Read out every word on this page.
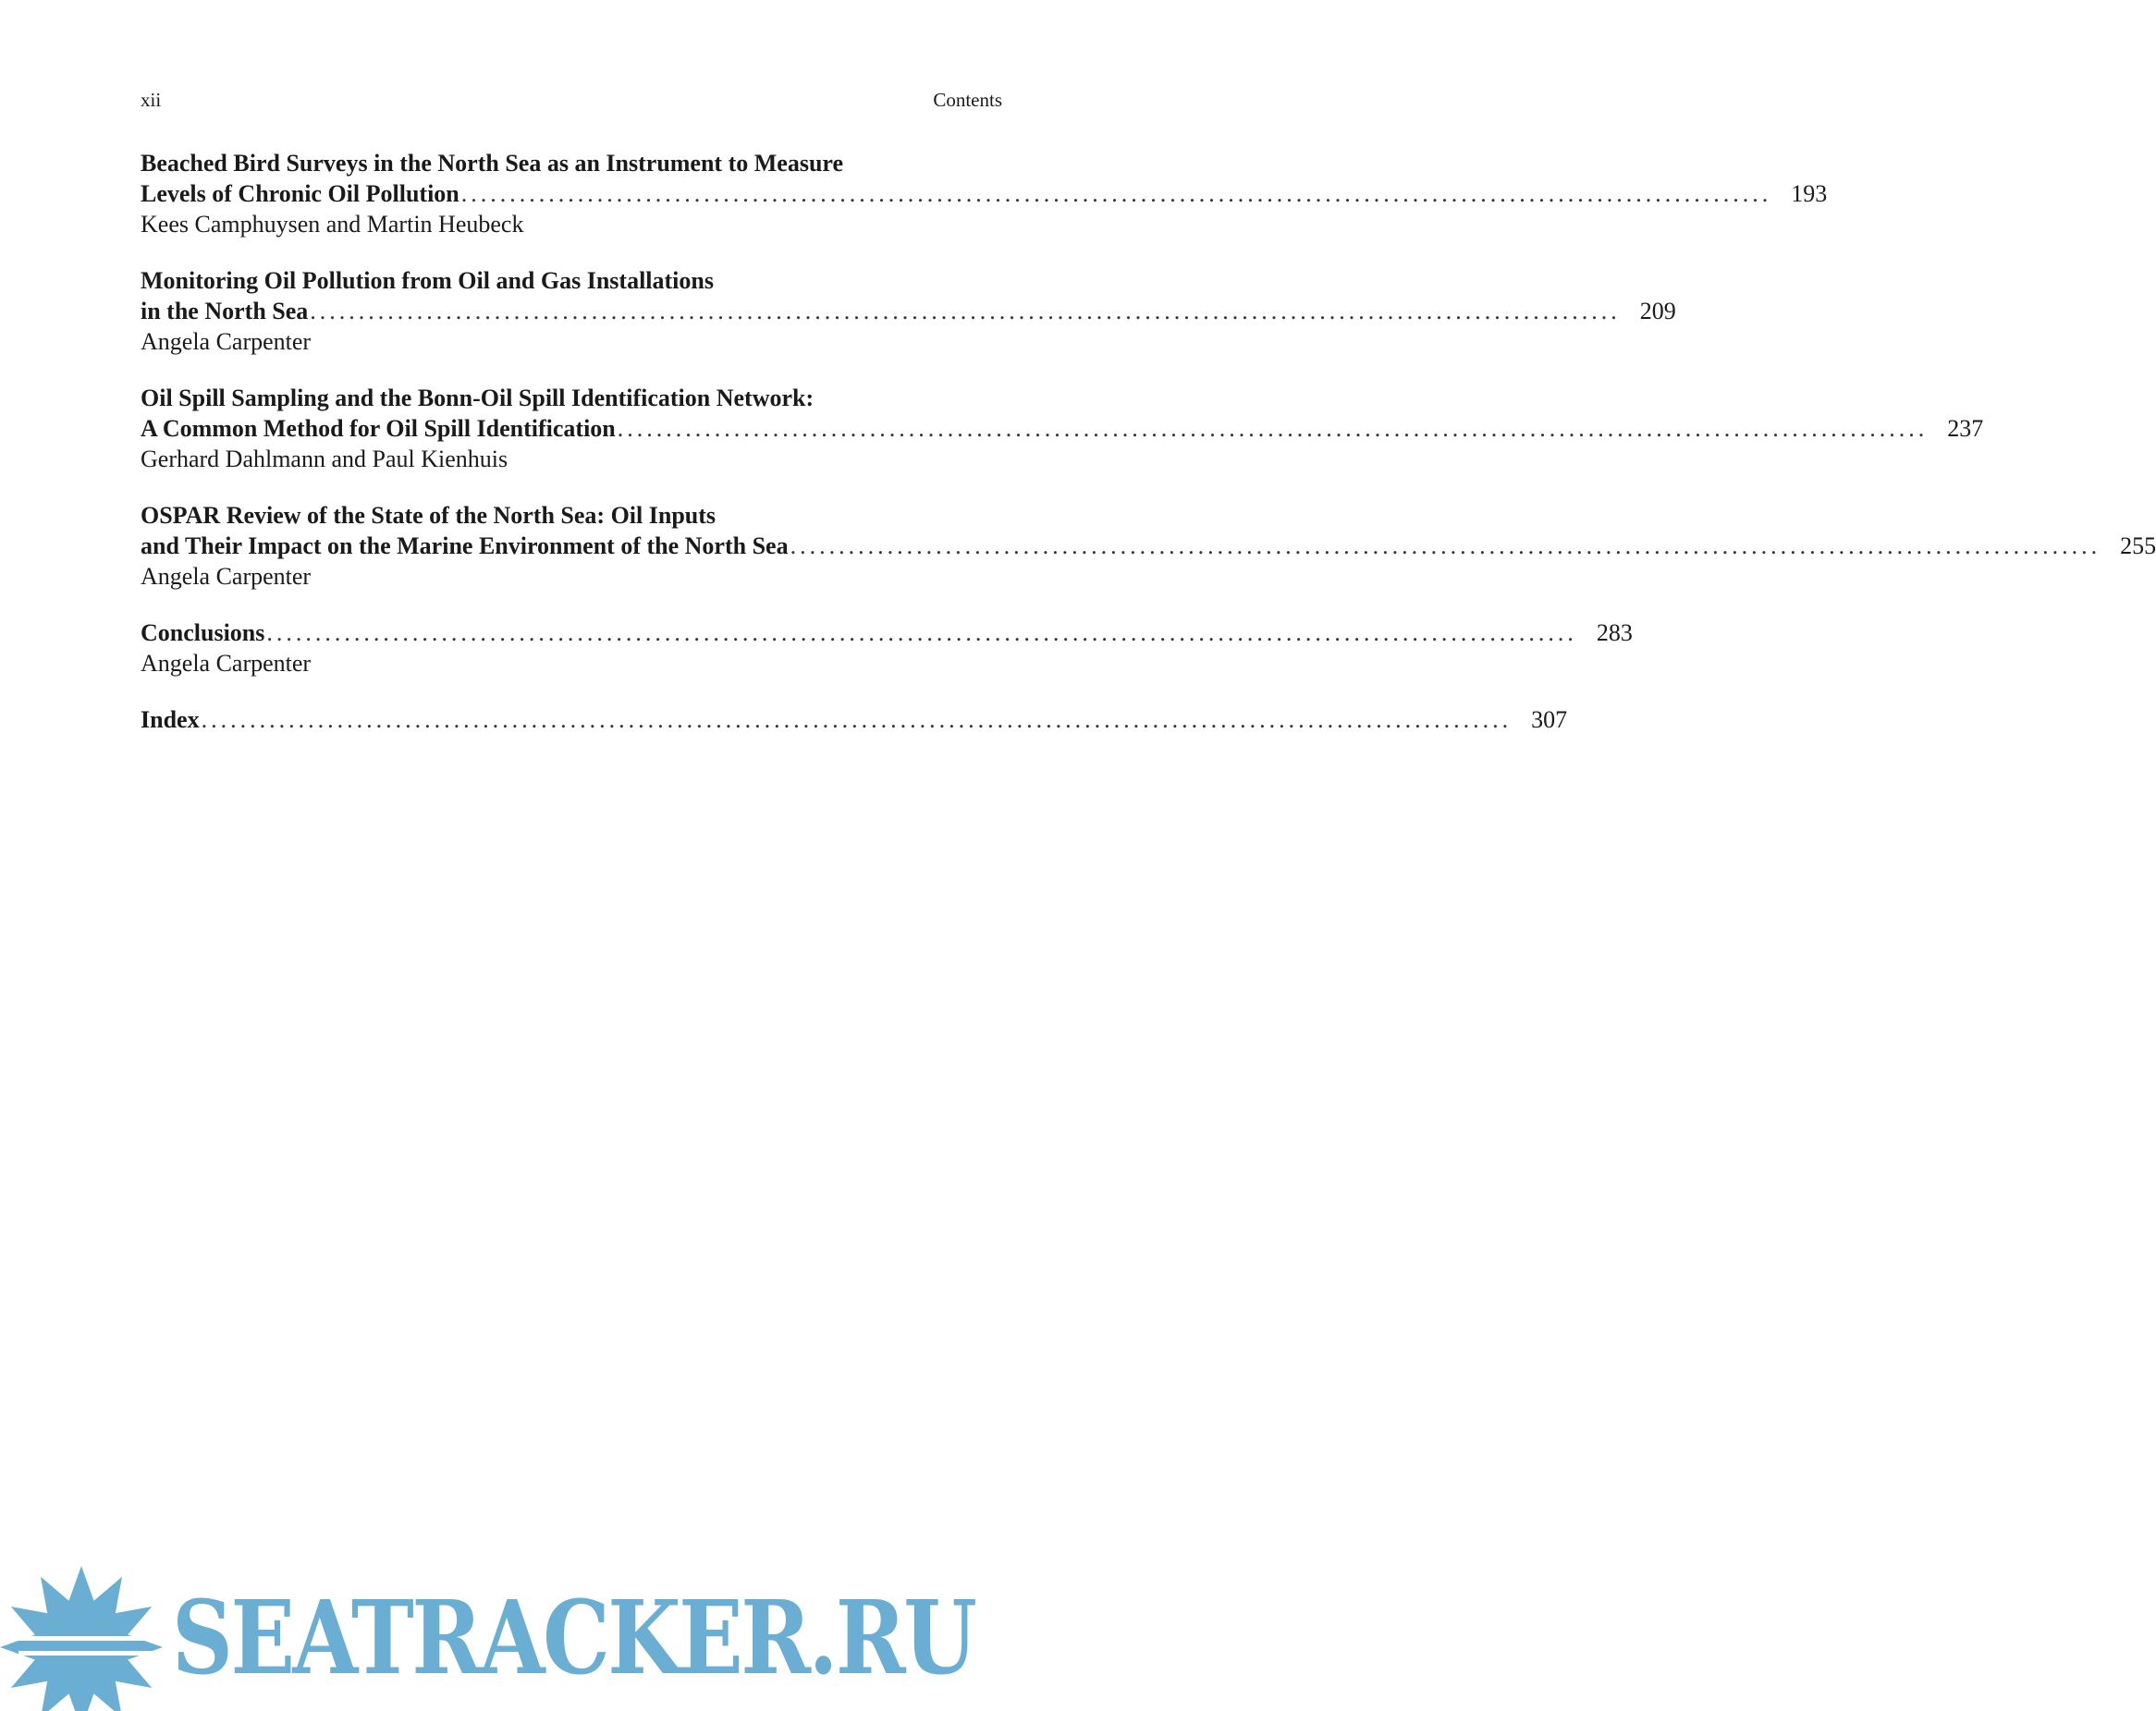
xii	Contents
Beached Bird Surveys in the North Sea as an Instrument to Measure
Levels of Chronic Oil Pollution ....................................................................................................................................... 193
Kees Camphuysen and Martin Heubeck
Monitoring Oil Pollution from Oil and Gas Installations
in the North Sea ....................................................................................................................................... 209
Angela Carpenter
Oil Spill Sampling and the Bonn-Oil Spill Identification Network:
A Common Method for Oil Spill Identification ....................................................................................................................................... 237
Gerhard Dahlmann and Paul Kienhuis
OSPAR Review of the State of the North Sea: Oil Inputs
and Their Impact on the Marine Environment of the North Sea ....................................................................................................................................... 255
Angela Carpenter
Conclusions ....................................................................................................................................... 283
Angela Carpenter
Index ....................................................................................................................................... 307
SEATRACKER.RU
